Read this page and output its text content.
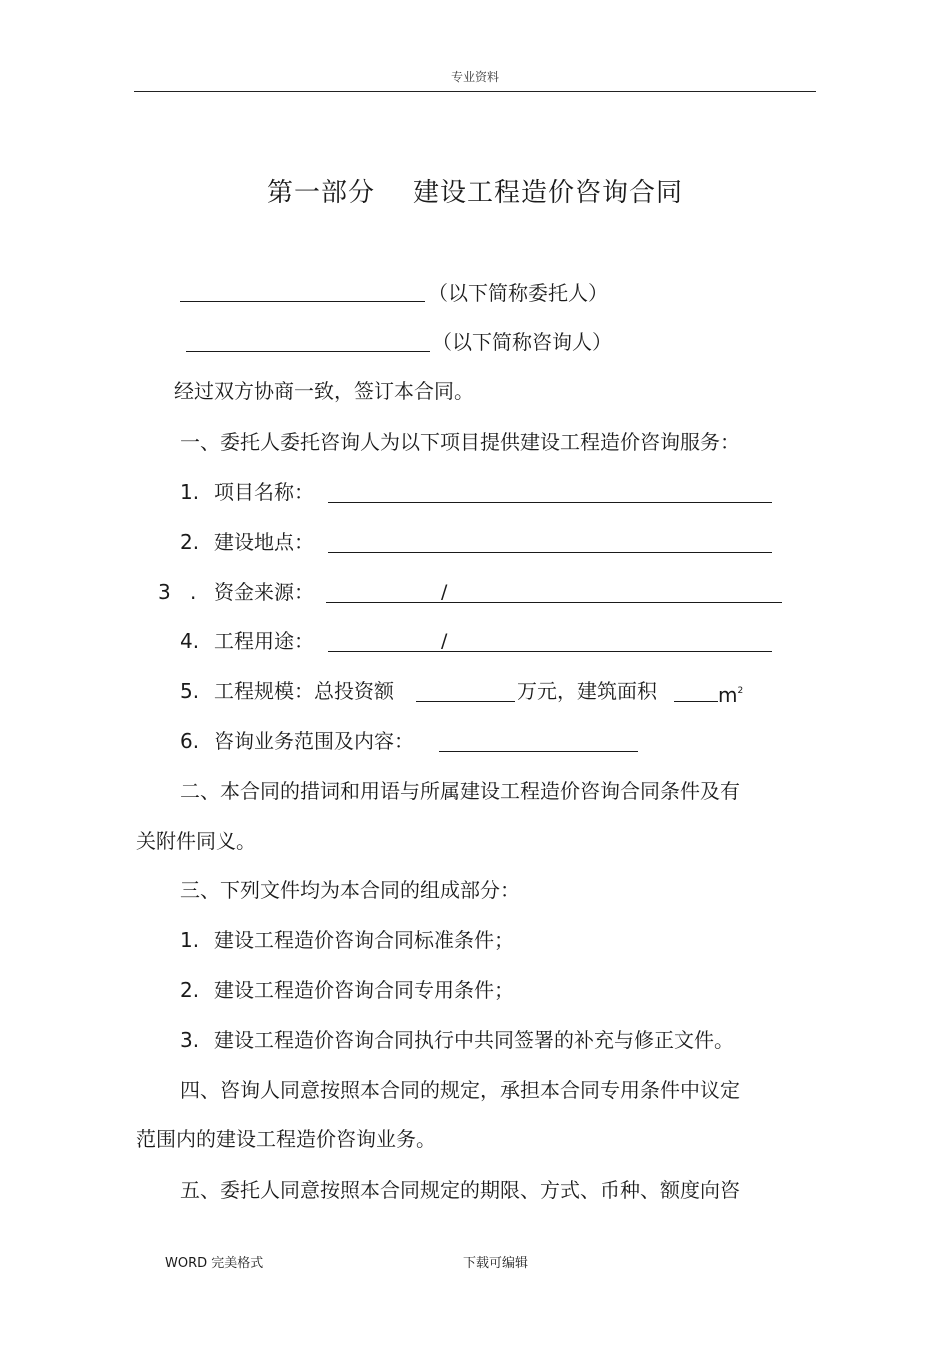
专业资料
第一部分 建设工程造价咨询合同
（以下简称委托人）
（以下简称咨询人）
经过双方协商一致，签订本合同。
一、委托人委托咨询人为以下项目提供建设工程造价咨询服务：
1. 项目名称：
2. 建设地点：
3 . 资金来源：	/
4. 工程用途：	/
5. 工程规模：总投资额	万元，建筑面积	$m^2$
6. 咨询业务范围及内容：
二、本合同的措词和用语与所属建设工程造价咨询合同条件及有
关附件同义。
三、下列文件均为本合同的组成部分：
1. 建设工程造价咨询合同标准条件；
2. 建设工程造价咨询合同专用条件；
3. 建设工程造价咨询合同执行中共同签署的补充与修正文件。
四、咨询人同意按照本合同的规定，承担本合同专用条件中议定
范围内的建设工程造价咨询业务。
五、委托人同意按照本合同规定的期限、方式、币种、额度向咨
WORD 完美格式	下载可编辑
